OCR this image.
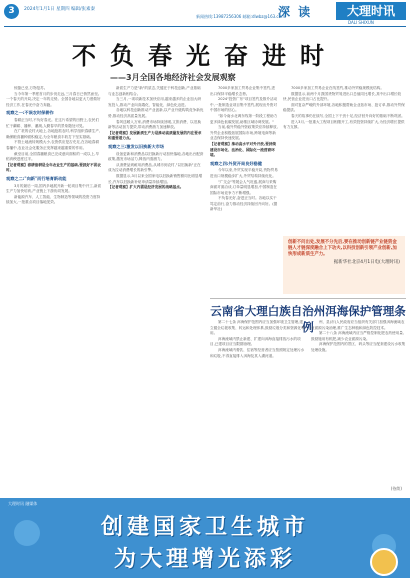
3	2024年1月1日 星期四 编辑/张素秦
新闻热线:13987256306 邮箱:dlwbz@163.com
深 读	大理时讯
DALI SHIXUN
不负春光奋进时
——3月全国各地经济社会发展观察

惊蛰已至,万物复苏。

当今年第一季度首月的步伐走远,三月春日已悄然而至。一个春天的开局,决定一年的走势。全国各地以更大力度做好经济工作,在春光中奋力奔跑。

观察之一:不误农时保耕作

春耕正当时,不负好春光。在这片希望的田野上,农民们忙于翻耕、播种、灌溉,人勤春早的景象随处可见。

在广袤的农村大地上,各地抢抓农时,科学组织春耕生产,确保粮食播种面积稳定,为全年粮食丰收打下坚实基础。

不管土地流转规模大小,农资供应是否充足,在各地春耕春播中,农业社会化服务正发挥越来越重要的作用。

截至目前,全国春播粮食已完成意向面积的一成以上,早稻育秧进度过半。

【记者观察】春耕备耕是全年农业生产的基础,要抓好不误农时。

观察之二:"向新"而行培育新动能

3月的最后一周,国内多地展开新一轮项目集中开工,新质生产力加快培育,产业链上下游协同发展。

新能源汽车、人工智能、生物制造等领域的投资力度持续加大,一批重点项目落地见效。

新质生产力是"新"的质态,关键在于科技创新,产业基础与业态创新相结合。

当三月,一项项新技术加快应用,越来越多的企业加大研发投入,推动产业向高端化、智能化、绿色化迈进。

各地以科技创新推动产业创新,以产业升级构筑竞争新优势,推动经济高质量发展。

春风送暖入万家,消费市场持续回暖,文旅消费、以旧换新等活动加力提效,带动消费潜力加速释放。

【记者观察】发展新质生产力是推动高质量发展的内在要求和重要着力点。

观察之三:激发以旧换新大市场

设备更新和消费品以旧换新行动加快落地,各地出台配套政策,激发市场活力,释放内需潜力。

从消费品到耐用消费品,从城市到农村,"以旧换新"正在成为拉动消费增长的新引擎。

数据显示,3月以来全国家电以旧换新销售额同比明显增长,汽车以旧换新补贴申请量持续增加。

【记者观察】扩大内需是经济发展的战略基点。

7000多家加工贸易企业集中签约,进出口保持平稳增长态势。

2024"投资广东"项目签约及推介活动中,一批制造业项目集中签约,展现出外资对中国市场的信心。

"如今南水北调东线第一阶段工程助力更多绿色低碳发展,助推区域协调发展。"

当前,稳外贸稳外资政策效应持续释放,外贸企业积极拓展国际市场,跨境电商等新业态保持快速发展。

【记者观察】推动高水平对外开放,要持续建设市场化、法治化、国际化一流营商环境。

观察之四:外贸开局良好稳健

今年以来,外贸实现平稳开局,货物贸易进出口规模稳步扩大,外贸结构持续优化。

"广交会"等展会人气旺盛,展商与采购商面对面洽谈,订单量明显增加,中国制造在国际市场竞争力不断增强。

不负春光好,奋进正当时。各地以实干笃定前行,奋力推动经济持续回升向好。(据新华社)

7000多家加工贸易企业在线签约,推动外贸稳规模优结构。

数据显示,前两个月我国货物贸易进出口总值同比增长,其中出口增长较快,民营企业进出口占比提升。

面对复杂严峻的外部环境,各地积极帮助企业拓市场、抢订单,推动外贸保稳提质。

春天的故事仍在续写,全国上下干劲十足,经济回升向好的基础不断巩固。

进入3月,一批重大工程项目相继开工,有效投资持续扩大,为经济增长提供有力支撑。

创新不问出处,发展不分先后,要在推动创新链产业链资金链人才链深度融合上下功夫,以科技创新引领产业创新,加快形成新质生产力。
据新华社北京4月1日电(大理时讯)
云南省大理白族自治州洱海保护管理条例

第二十七条 洱海保护范围内应当加强环境卫生管理,建立健全垃圾收集、转运和处理体系,鼓励垃圾分类和资源化利用。

洱海流域内禁止新建、扩建向洱海直接排放污水的项目,已建项目应当限期治理。

洱海流域内餐饮、住宿等经营者应当按照规定处理污水和垃圾,不得直接排入洱海及其入湖河道。

州、县(市)人民政府应当组织有关部门加强洱海流域农业面源污染治理,推广生态种植和绿色防控技术。

第二十八条 洱海流域内应当严格控制化肥农药使用量,鼓励施用有机肥,减少农业面源污染。

洱海保护范围内的景区、码头等应当配套建设污水收集处理设施。

(待续)
大理时讯 融媒体
创建国家卫生城市
为大理增光添彩
